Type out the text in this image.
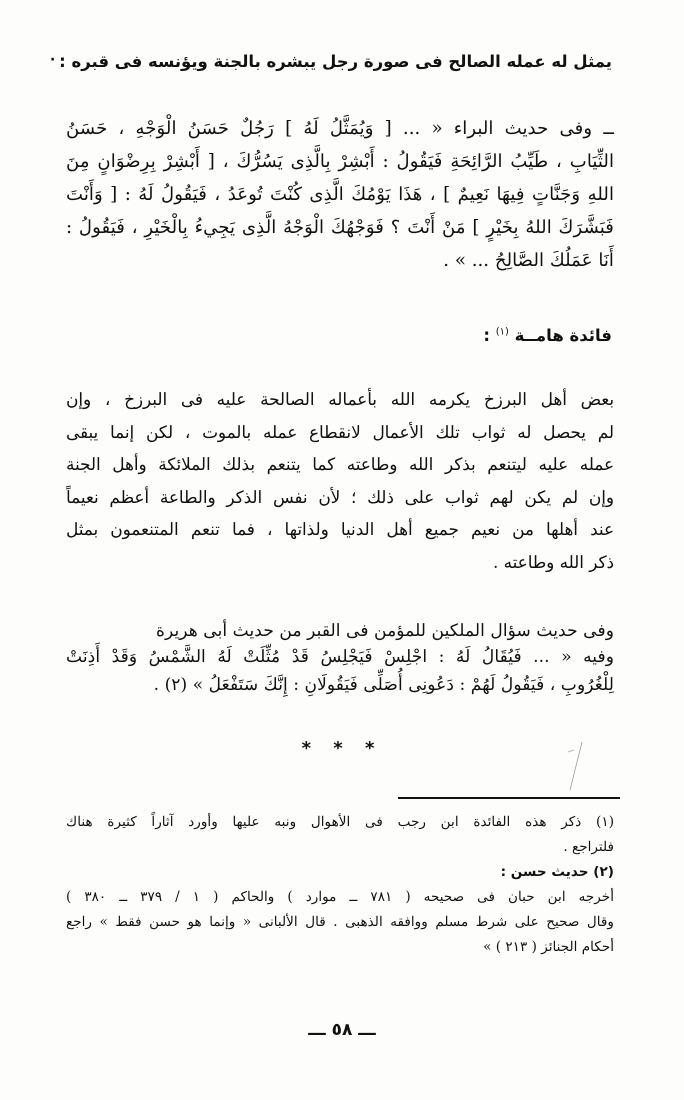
يمثل له عمله الصالح فى صورة رجل يبشره بالجنة ويؤنسه فى قبره :
·
ــ وفى حديث البراء « ... [ وَيُمَثَّلُ لَهُ ] رَجُلٌ حَسَنُ الْوَجْهِ ، حَسَنُ
الثِّيَابِ ، طَيِّبُ الرَّائِحَةِ فَيَقُولُ : أَبْشِرْ بِالَّذِى يَسُرُّكَ ، [ أَبْشِرْ بِرِضْوَانٍ مِنَ
اللهِ وَجَنَّاتٍ فِيهَا نَعِيمٌ ] ، هَذَا يَوْمُكَ الَّذِى كُنْتَ تُوعَدُ ، فَيَقُولُ لَهُ : [ وَأَنْتَ
فَبَشَّرَكَ اللهُ بِخَيْرٍ ] مَنْ أَنْتَ ؟ فَوَجْهُكَ الْوَجْهُ الَّذِى يَجِيءُ بِالْخَيْرِ ، فَيَقُولُ :
أَنَا عَمَلُكَ الصَّالِحُ ... » .
فائدة هامــة $^{(١)}$ :
بعض أهل البرزخ يكرمه الله بأعماله الصالحة عليه فى البرزخ ، وإن
لم يحصل له ثواب تلك الأعمال لانقطاع عمله بالموت ، لكن إنما يبقى
عمله عليه ليتنعم بذكر الله وطاعته كما يتنعم بذلك الملائكة وأهل الجنة
وإن لم يكن لهم ثواب على ذلك ؛ لأن نفس الذكر والطاعة أعظم نعيماً
عند أهلها من نعيم جميع أهل الدنيا ولذاتها ، فما تنعم المتنعمون بمثل
ذكر الله وطاعته .
وفى حديث سؤال الملكين للمؤمن فى القبر من حديث أبى هريرة
وفيه « ... فَيُقَالُ لَهُ : اجْلِسْ فَيَجْلِسُ قَدْ مُثِّلَتْ لَهُ الشَّمْسُ وَقَدْ أَذِنَتْ
لِلْغُرُوبِ ، فَيَقُولُ لَهُمْ : دَعُونِى أُصَلِّى فَيَقُولَانِ : إِنَّكَ سَتَفْعَلُ » (٢) .
* * *
(١) ذكر هذه الفائدة ابن رجب فى الأهوال ونبه عليها وأورد آثاراً كثيرة هناك
فلتراجع .
(٢) حديث حسن :
أخرجه ابن حبان فى صحيحه ( ٧٨١ ــ موارد ) والحاكم ( ١ / ٣٧٩ ــ ٣٨٠ )
وقال صحيح على شرط مسلم ووافقه الذهبى . قال الألبانى « وإنما هو حسن فقط » راجع
أحكام الجنائز ( ٢١٣ ) »
ـــ ٥٨ ـــ
